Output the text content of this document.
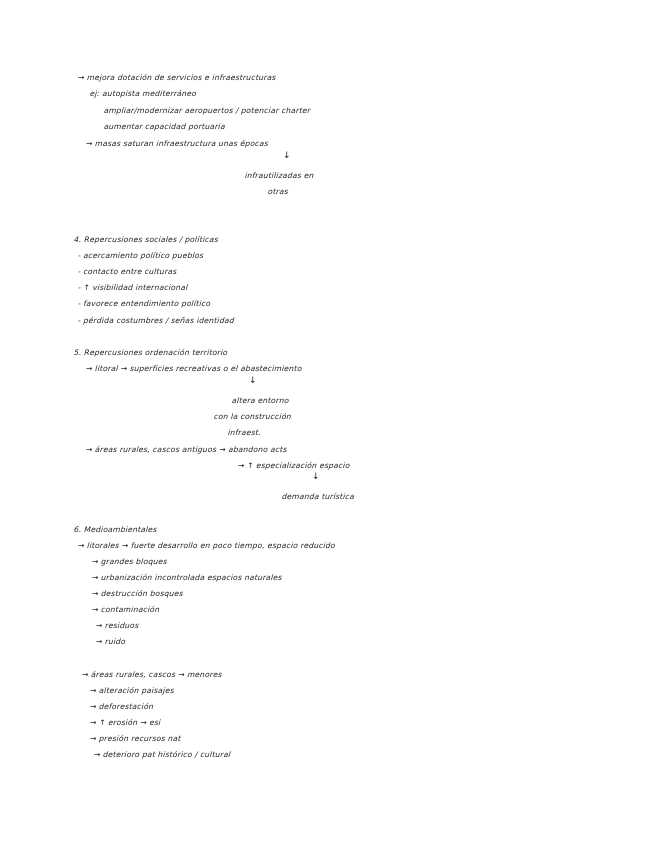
→ mejora dotación de servicios e infraestructuras
ej: autopista mediterráneo
ampliar/modernizar aeropuertos / potenciar charter
aumentar capacidad portuaria
→ masas saturan infraestructura unas épocas
↓
infrautilizadas en
otras
4. Repercusiones sociales / políticas
- acercamiento político pueblos
- contacto entre culturas
- ↑ visibilidad internacional
- favorece entendimiento político
- pérdida costumbres / señas identidad
5. Repercusiones ordenación territorio
→ litoral → superficies recreativas o el abastecimiento
↓
altera entorno
con la construcción
infraest.
→ áreas rurales, cascos antiguos → abandono acts
→ ↑ especialización espacio
↓
demanda turística
6. Medioambientales
→ litorales → fuerte desarrollo en poco tiempo, espacio reducido
→ grandes bloques
→ urbanización incontrolada espacios naturales
→ destrucción bosques
→ contaminación
→ residuos
→ ruido
→ áreas rurales, cascos → menores
→ alteración paisajes
→ deforestación
→ ↑ erosión → esi
→ presión recursos nat
→ deterioro pat histórico / cultural
